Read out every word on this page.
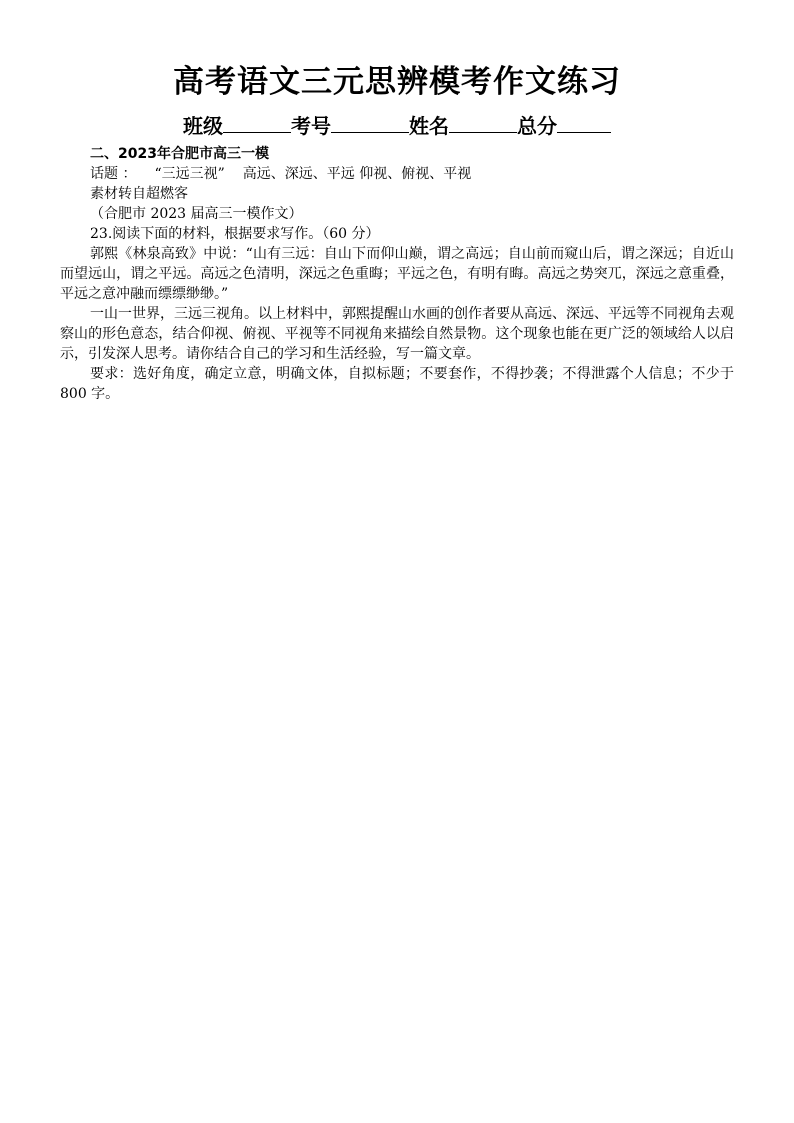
高考语文三元思辨模考作文练习
班级	考号	姓名	总分
二、2023年合肥市高三一模
话题 ： “三远三视” 高远、深远、平远 仰视、俯视、平视
素材转自超燃客
（合肥市 2023 届高三一模作文）
23.阅读下面的材料，根据要求写作。（60 分）
郭熙《林泉高致》中说：“山有三远：自山下而仰山巅，谓之高远；自山前而窥山后，谓之深远；自近山而望远山，谓之平远。高远之色清明，深远之色重晦；平远之色，有明有晦。高远之势突兀，深远之意重叠，平远之意冲融而缥缥缈缈。”
一山一世界，三远三视角。以上材料中，郭熙提醒山水画的创作者要从高远、深远、平远等不同视角去观察山的形色意态，结合仰视、俯视、平视等不同视角来描绘自然景物。这个现象也能在更广泛的领域给人以启示，引发深人思考。请你结合自己的学习和生活经验，写一篇文章。
要求：选好角度，确定立意，明确文体，自拟标题；不要套作，不得抄袭；不得泄露个人信息；不少于 800 字。
